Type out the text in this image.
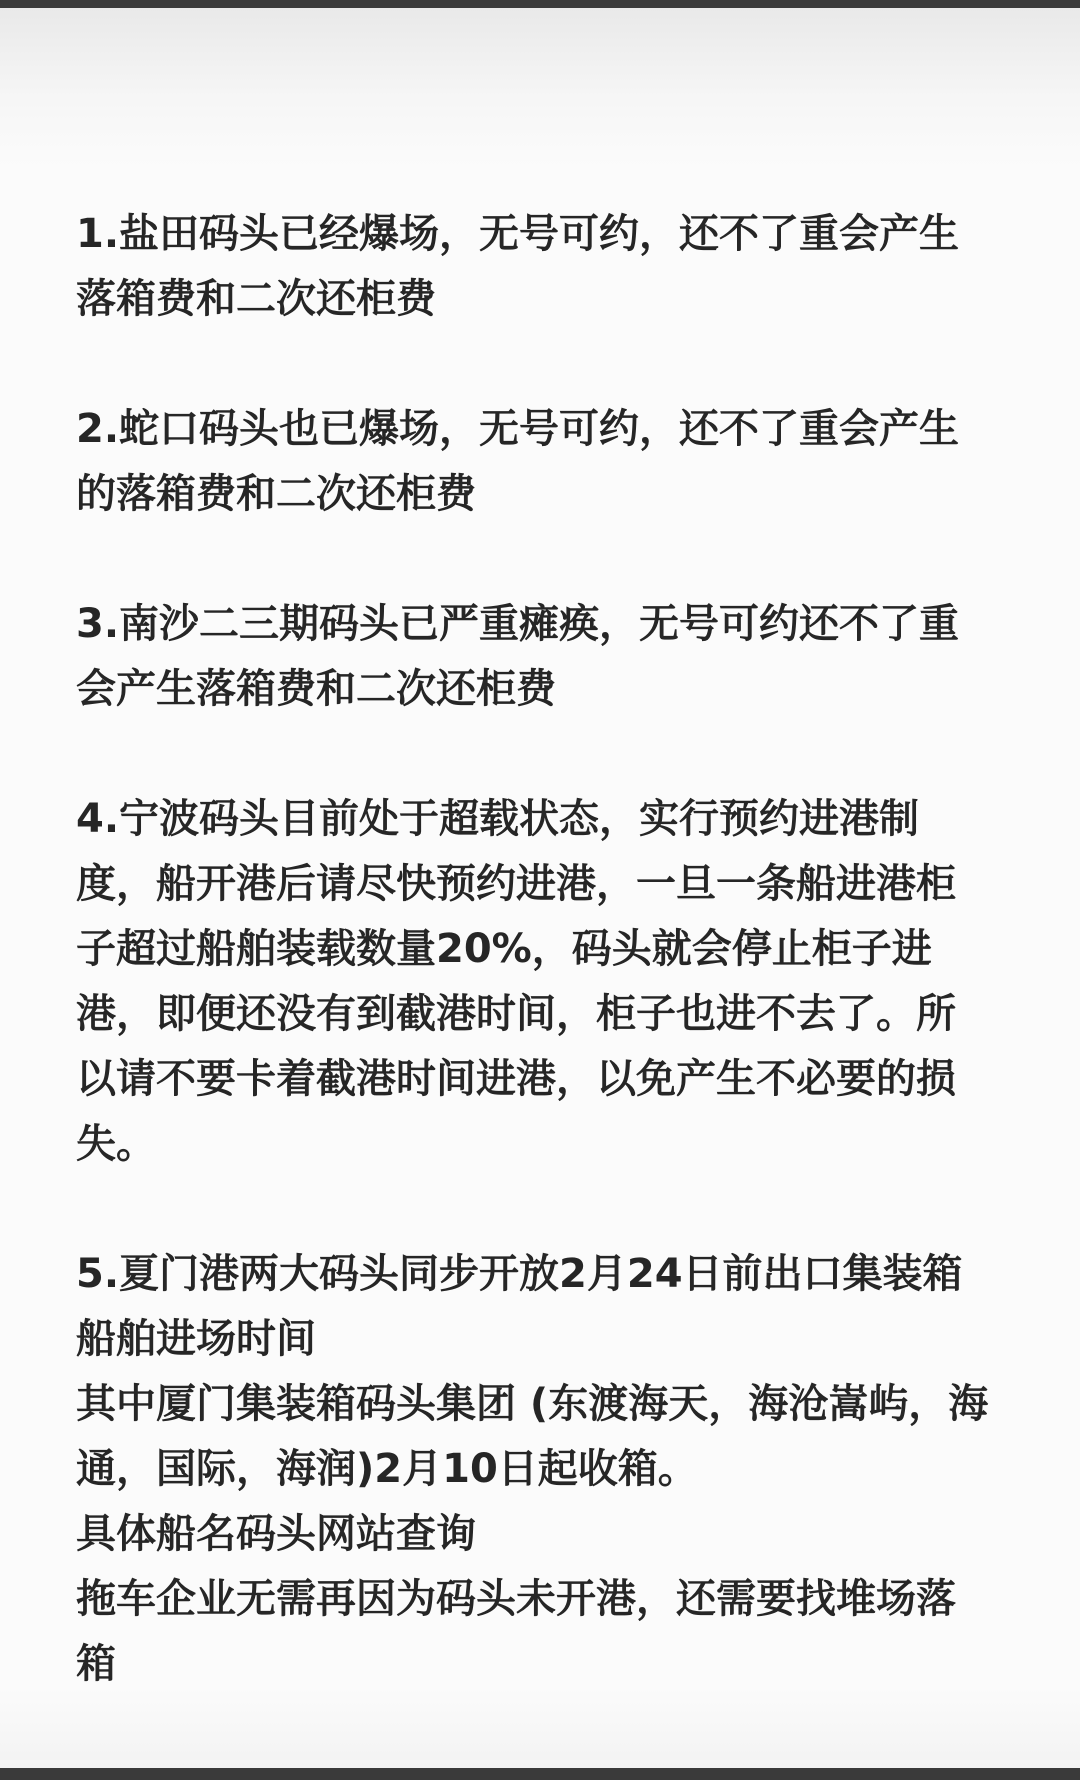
1.盐田码头已经爆场，无号可约，还不了重会产生
落箱费和二次还柜费
2.蛇口码头也已爆场，无号可约，还不了重会产生
的落箱费和二次还柜费
3.南沙二三期码头已严重瘫痪，无号可约还不了重
会产生落箱费和二次还柜费
4.宁波码头目前处于超载状态，实行预约进港制
度，船开港后请尽快预约进港，一旦一条船进港柜
子超过船舶装载数量20%，码头就会停止柜子进
港，即便还没有到截港时间，柜子也进不去了。所
以请不要卡着截港时间进港，以免产生不必要的损
失。
5.夏门港两大码头同步开放2月24日前出口集装箱
船舶进场时间
其中厦门集装箱码头集团 (东渡海天，海沧嵩屿，海
通，国际，海润)2月10日起收箱。
具体船名码头网站查询
拖车企业无需再因为码头未开港，还需要找堆场落
箱
